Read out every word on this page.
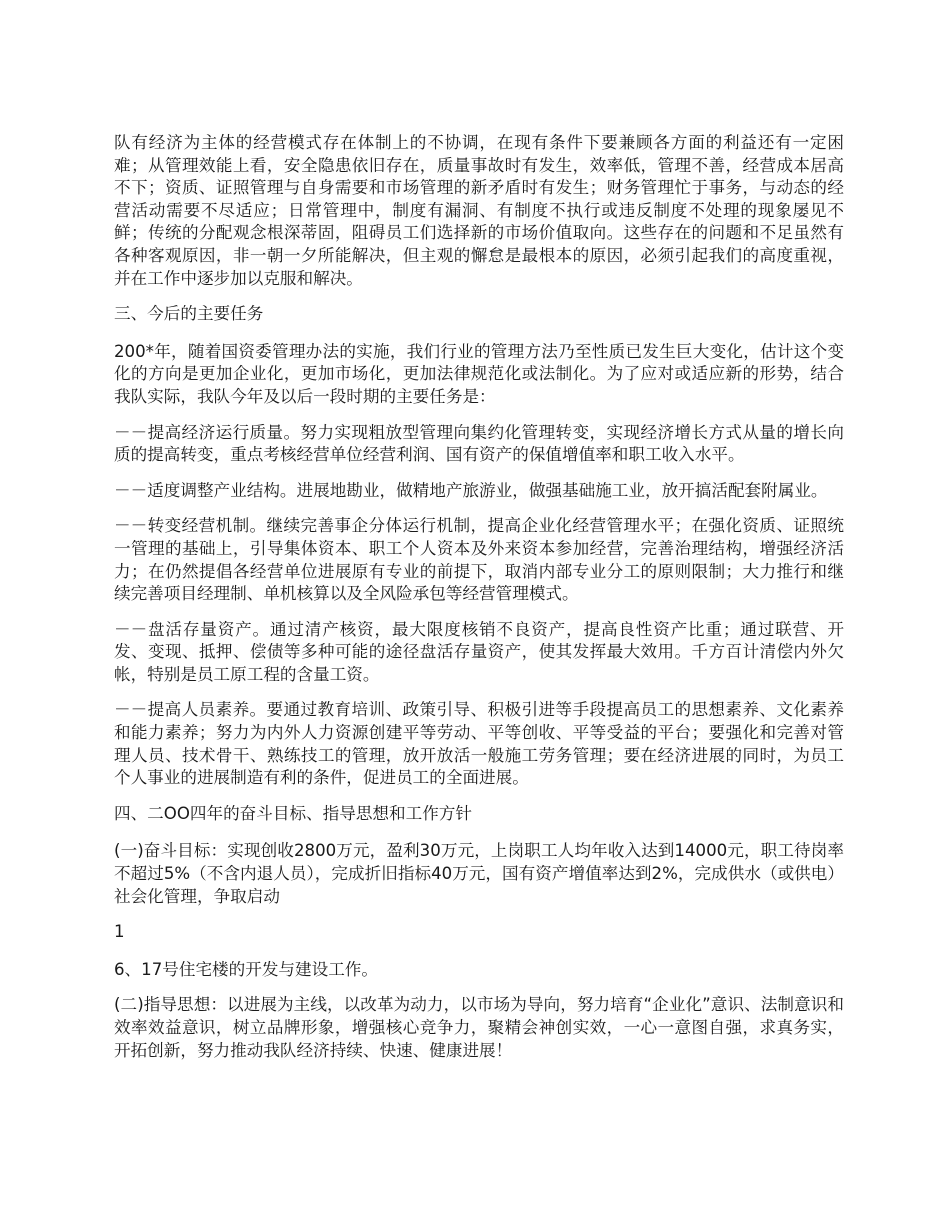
队有经济为主体的经营模式存在体制上的不协调，在现有条件下要兼顾各方面的利益还有一定困难；从管理效能上看，安全隐患依旧存在，质量事故时有发生，效率低，管理不善，经营成本居高不下；资质、证照管理与自身需要和市场管理的新矛盾时有发生；财务管理忙于事务，与动态的经营活动需要不尽适应；日常管理中，制度有漏洞、有制度不执行或违反制度不处理的现象屡见不鲜；传统的分配观念根深蒂固，阻碍员工们选择新的市场价值取向。这些存在的问题和不足虽然有各种客观原因，非一朝一夕所能解决，但主观的懈怠是最根本的原因，必须引起我们的高度重视，并在工作中逐步加以克服和解决。

三、今后的主要任务

200*年，随着国资委管理办法的实施，我们行业的管理方法乃至性质已发生巨大变化，估计这个变化的方向是更加企业化，更加市场化，更加法律规范化或法制化。为了应对或适应新的形势，结合我队实际，我队今年及以后一段时期的主要任务是：

－－提高经济运行质量。努力实现粗放型管理向集约化管理转变，实现经济增长方式从量的增长向质的提高转变，重点考核经营单位经营利润、国有资产的保值增值率和职工收入水平。

－－适度调整产业结构。进展地勘业，做精地产旅游业，做强基础施工业，放开搞活配套附属业。

－－转变经营机制。继续完善事企分体运行机制，提高企业化经营管理水平；在强化资质、证照统一管理的基础上，引导集体资本、职工个人资本及外来资本参加经营，完善治理结构，增强经济活力；在仍然提倡各经营单位进展原有专业的前提下，取消内部专业分工的原则限制；大力推行和继续完善项目经理制、单机核算以及全风险承包等经营管理模式。

－－盘活存量资产。通过清产核资，最大限度核销不良资产，提高良性资产比重；通过联营、开发、变现、抵押、偿债等多种可能的途径盘活存量资产，使其发挥最大效用。千方百计清偿内外欠帐，特别是员工原工程的含量工资。

－－提高人员素养。要通过教育培训、政策引导、积极引进等手段提高员工的思想素养、文化素养和能力素养；努力为内外人力资源创建平等劳动、平等创收、平等受益的平台；要强化和完善对管理人员、技术骨干、熟练技工的管理，放开放活一般施工劳务管理；要在经济进展的同时，为员工个人事业的进展制造有利的条件，促进员工的全面进展。

四、二OO四年的奋斗目标、指导思想和工作方针

(一)奋斗目标：实现创收2800万元，盈利30万元，上岗职工人均年收入达到14000元，职工待岗率不超过5%（不含内退人员），完成折旧指标40万元，国有资产增值率达到2%，完成供水（或供电）社会化管理，争取启动

1

6、17号住宅楼的开发与建设工作。

(二)指导思想：以进展为主线，以改革为动力，以市场为导向，努力培育“企业化”意识、法制意识和效率效益意识，树立品牌形象，增强核心竞争力，聚精会神创实效，一心一意图自强，求真务实，开拓创新，努力推动我队经济持续、快速、健康进展！
